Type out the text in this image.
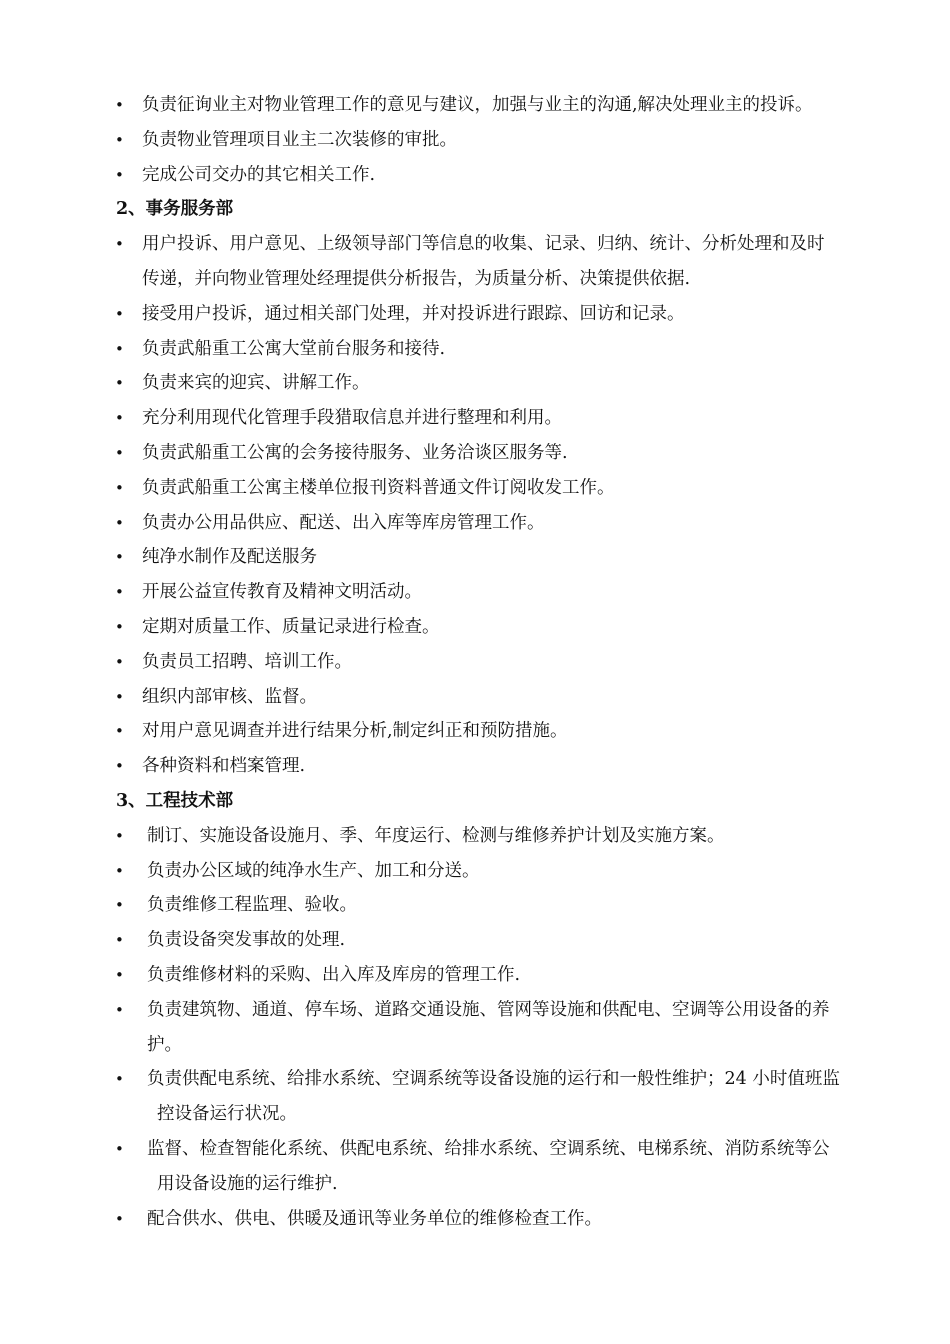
• 负责征询业主对物业管理工作的意见与建议，加强与业主的沟通,解决处理业主的投诉。
• 负责物业管理项目业主二次装修的审批。
• 完成公司交办的其它相关工作.
2、事务服务部
• 用户投诉、用户意见、上级领导部门等信息的收集、记录、归纳、统计、分析处理和及时
传递，并向物业管理处经理提供分析报告，为质量分析、决策提供依据.
• 接受用户投诉，通过相关部门处理，并对投诉进行跟踪、回访和记录。
• 负责武船重工公寓大堂前台服务和接待.
• 负责来宾的迎宾、讲解工作。
• 充分利用现代化管理手段猎取信息并进行整理和利用。
• 负责武船重工公寓的会务接待服务、业务洽谈区服务等.
• 负责武船重工公寓主楼单位报刊资料普通文件订阅收发工作。
• 负责办公用品供应、配送、出入库等库房管理工作。
• 纯净水制作及配送服务
• 开展公益宣传教育及精神文明活动。
• 定期对质量工作、质量记录进行检查。
• 负责员工招聘、培训工作。
• 组织内部审核、监督。
• 对用户意见调查并进行结果分析,制定纠正和预防措施。
• 各种资料和档案管理.
3、工程技术部
• 制订、实施设备设施月、季、年度运行、检测与维修养护计划及实施方案。
• 负责办公区域的纯净水生产、加工和分送。
• 负责维修工程监理、验收。
• 负责设备突发事故的处理.
• 负责维修材料的采购、出入库及库房的管理工作.
• 负责建筑物、通道、停车场、道路交通设施、管网等设施和供配电、空调等公用设备的养
护。
• 负责供配电系统、给排水系统、空调系统等设备设施的运行和一般性维护；24 小时值班监
控设备运行状况。
• 监督、检查智能化系统、供配电系统、给排水系统、空调系统、电梯系统、消防系统等公
用设备设施的运行维护.
• 配合供水、供电、供暖及通讯等业务单位的维修检查工作。
